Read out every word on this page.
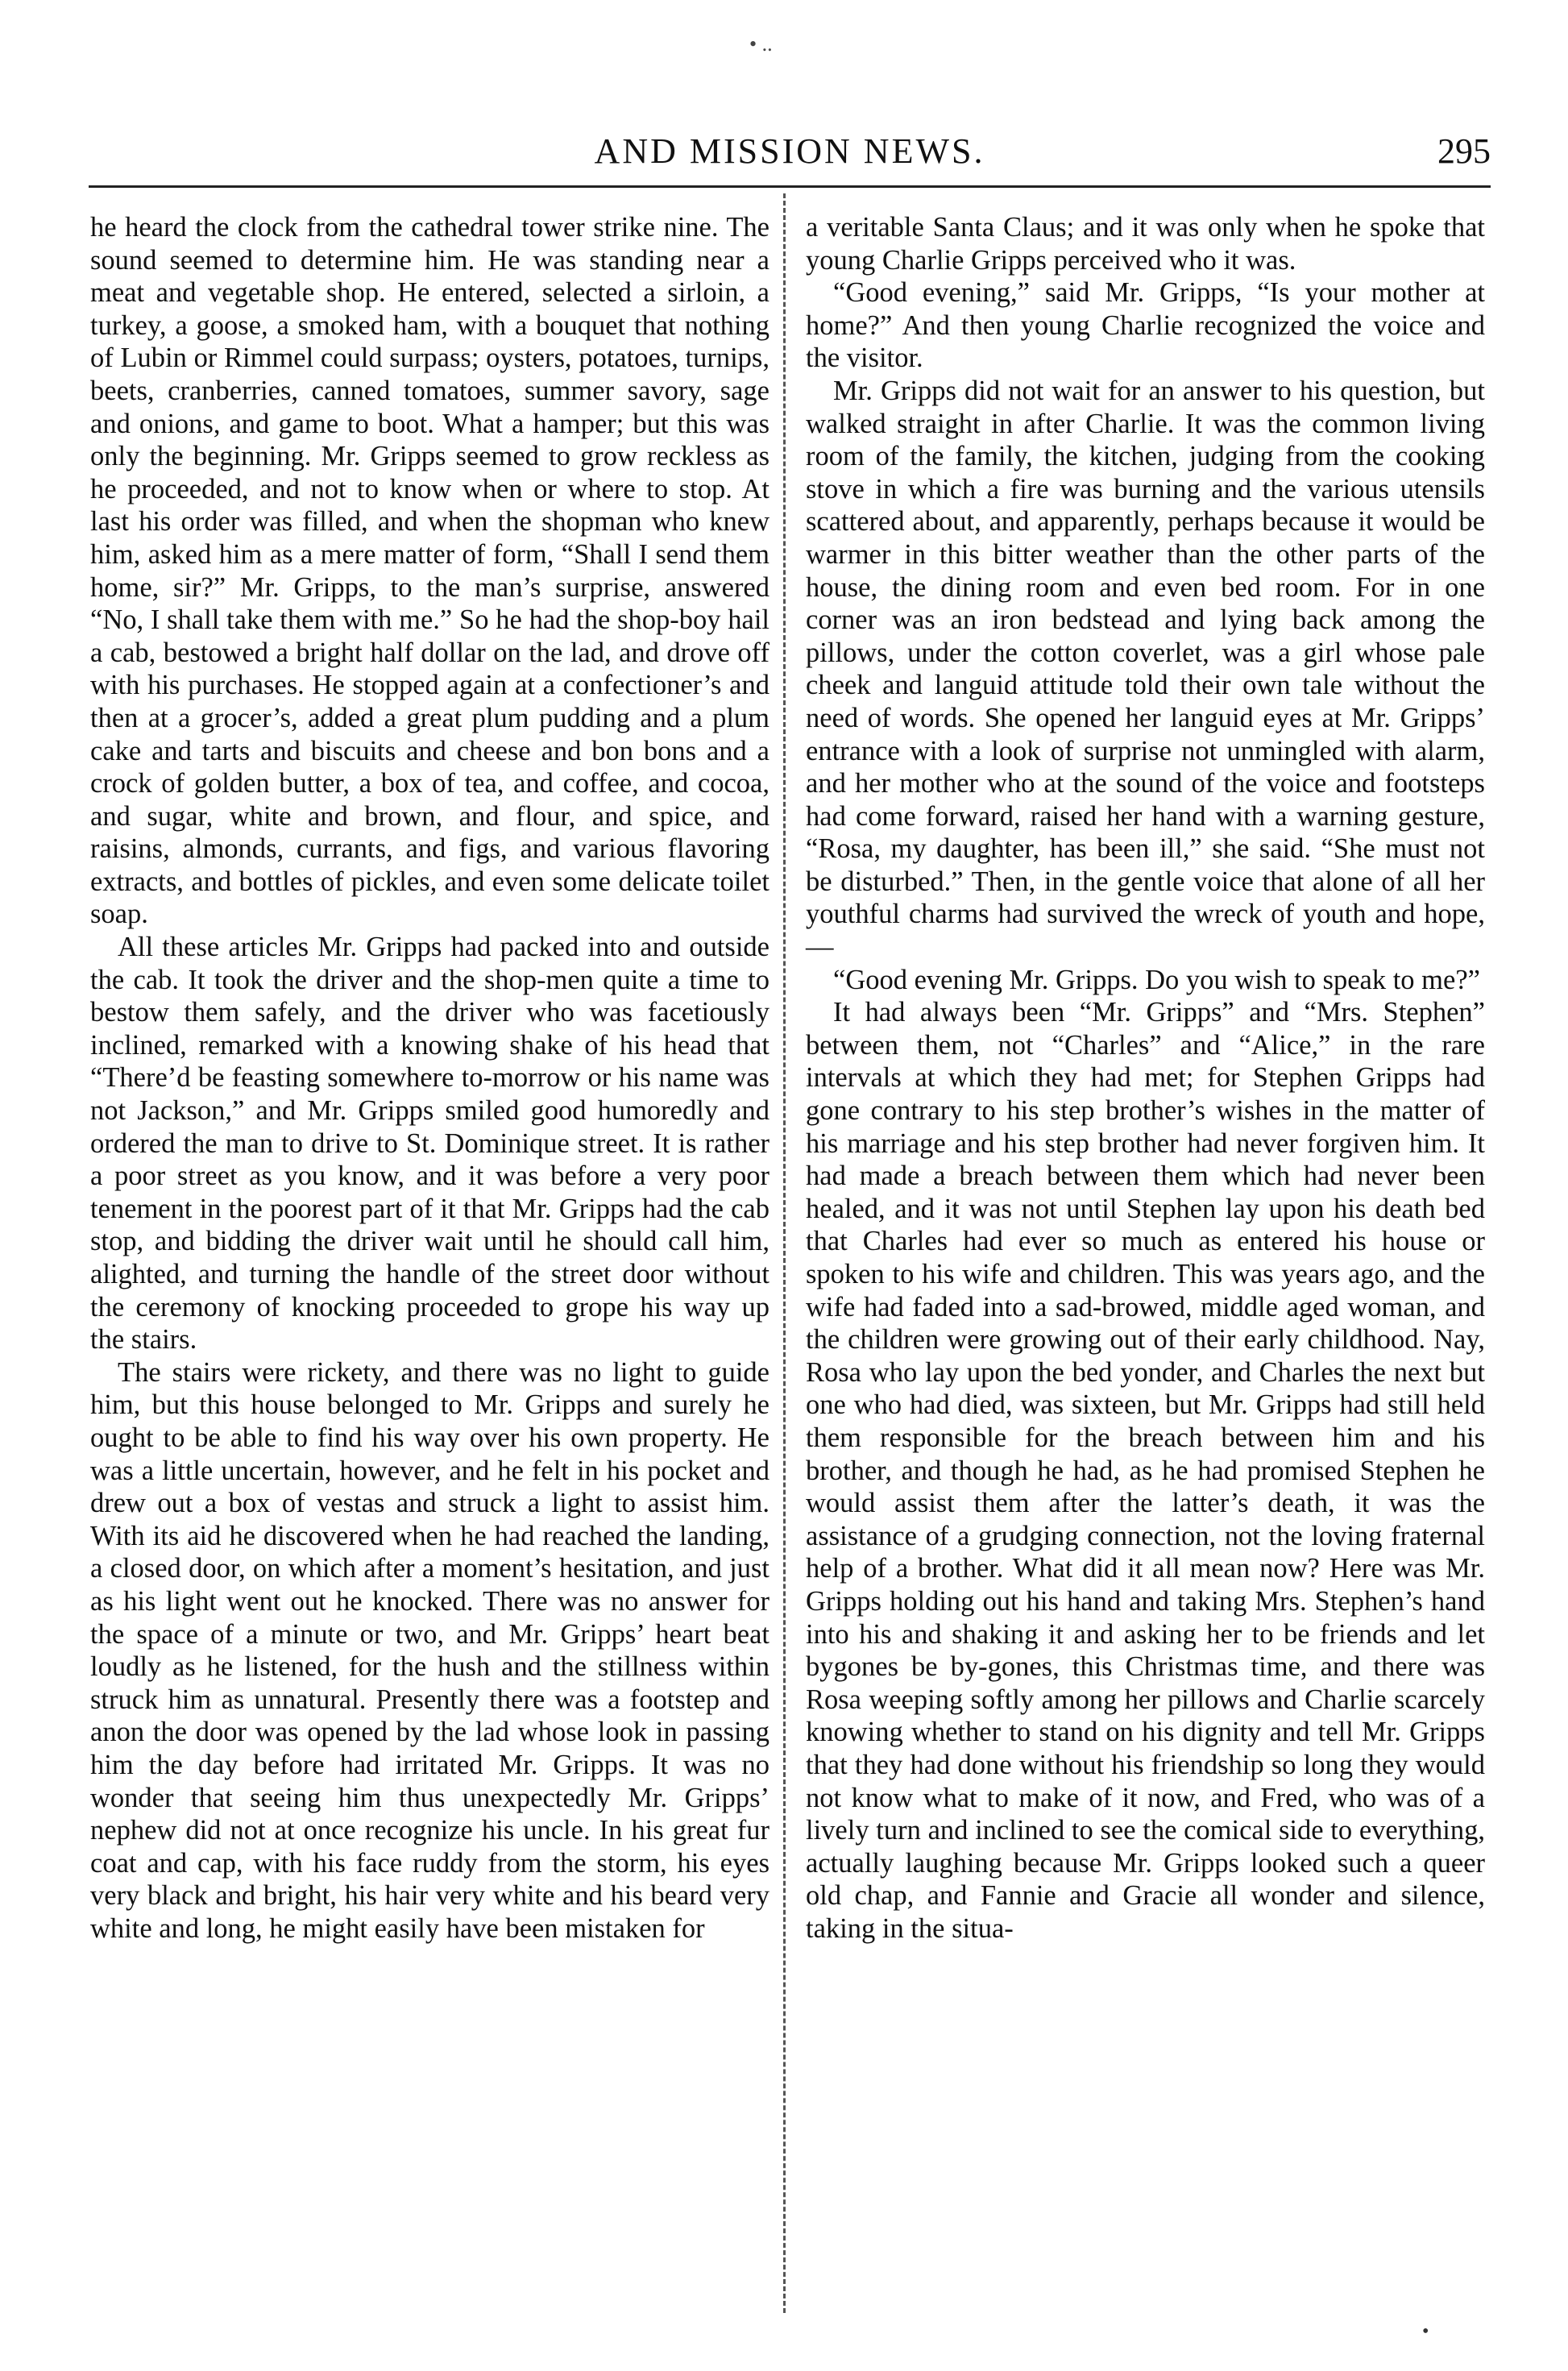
• ..
AND MISSION NEWS.	295

he heard the clock from the cathedral tower strike nine. The sound seemed to determine him. He was standing near a meat and vegetable shop. He entered, selected a sirloin, a turkey, a goose, a smoked ham, with a bouquet that nothing of Lubin or Rimmel could surpass; oysters, potatoes, turnips, beets, cranberries, canned tomatoes, summer savory, sage and onions, and game to boot. What a hamper; but this was only the beginning. Mr. Gripps seemed to grow reckless as he proceeded, and not to know when or where to stop. At last his order was filled, and when the shopman who knew him, asked him as a mere matter of form, “Shall I send them home, sir?” Mr. Gripps, to the man’s surprise, answered “No, I shall take them with me.” So he had the shop-boy hail a cab, bestowed a bright half dollar on the lad, and drove off with his purchases. He stopped again at a confectioner’s and then at a grocer’s, added a great plum pudding and a plum cake and tarts and biscuits and cheese and bon bons and a crock of golden butter, a box of tea, and coffee, and cocoa, and sugar, white and brown, and flour, and spice, and raisins, almonds, currants, and figs, and various flavoring extracts, and bottles of pickles, and even some delicate toilet soap.

All these articles Mr. Gripps had packed into and outside the cab. It took the driver and the shop-men quite a time to bestow them safely, and the driver who was facetiously inclined, remarked with a knowing shake of his head that “There’d be feasting somewhere to-morrow or his name was not Jackson,” and Mr. Gripps smiled good humoredly and ordered the man to drive to St. Dominique street. It is rather a poor street as you know, and it was before a very poor tenement in the poorest part of it that Mr. Gripps had the cab stop, and bidding the driver wait until he should call him, alighted, and turning the handle of the street door without the ceremony of knocking proceeded to grope his way up the stairs.

The stairs were rickety, and there was no light to guide him, but this house belonged to Mr. Gripps and surely he ought to be able to find his way over his own property. He was a little uncertain, however, and he felt in his pocket and drew out a box of vestas and struck a light to assist him. With its aid he discovered when he had reached the landing, a closed door, on which after a moment’s hesitation, and just as his light went out he knocked. There was no answer for the space of a minute or two, and Mr. Gripps’ heart beat loudly as he listened, for the hush and the stillness within struck him as unnatural. Presently there was a footstep and anon the door was opened by the lad whose look in passing him the day before had irritated Mr. Gripps. It was no wonder that seeing him thus unexpectedly Mr. Gripps’ nephew did not at once recognize his uncle. In his great fur coat and cap, with his face ruddy from the storm, his eyes very black and bright, his hair very white and his beard very white and long, he might easily have been mistaken for

a veritable Santa Claus; and it was only when he spoke that young Charlie Gripps perceived who it was.

“Good evening,” said Mr. Gripps, “Is your mother at home?” And then young Charlie recognized the voice and the visitor.

Mr. Gripps did not wait for an answer to his question, but walked straight in after Charlie. It was the common living room of the family, the kitchen, judging from the cooking stove in which a fire was burning and the various utensils scattered about, and apparently, perhaps because it would be warmer in this bitter weather than the other parts of the house, the dining room and even bed room. For in one corner was an iron bedstead and lying back among the pillows, under the cotton coverlet, was a girl whose pale cheek and languid attitude told their own tale without the need of words. She opened her languid eyes at Mr. Gripps’ entrance with a look of surprise not unmingled with alarm, and her mother who at the sound of the voice and footsteps had come forward, raised her hand with a warning gesture, “Rosa, my daughter, has been ill,” she said. “She must not be disturbed.” Then, in the gentle voice that alone of all her youthful charms had survived the wreck of youth and hope,—

“Good evening Mr. Gripps. Do you wish to speak to me?”

It had always been “Mr. Gripps” and “Mrs. Stephen” between them, not “Charles” and “Alice,” in the rare intervals at which they had met; for Stephen Gripps had gone contrary to his step brother’s wishes in the matter of his marriage and his step brother had never forgiven him. It had made a breach between them which had never been healed, and it was not until Stephen lay upon his death bed that Charles had ever so much as entered his house or spoken to his wife and children. This was years ago, and the wife had faded into a sad-browed, middle aged woman, and the children were growing out of their early childhood. Nay, Rosa who lay upon the bed yonder, and Charles the next but one who had died, was sixteen, but Mr. Gripps had still held them responsible for the breach between him and his brother, and though he had, as he had promised Stephen he would assist them after the latter’s death, it was the assistance of a grudging connection, not the loving fraternal help of a brother. What did it all mean now? Here was Mr. Gripps holding out his hand and taking Mrs. Stephen’s hand into his and shaking it and asking her to be friends and let bygones be by-gones, this Christmas time, and there was Rosa weeping softly among her pillows and Charlie scarcely knowing whether to stand on his dignity and tell Mr. Gripps that they had done without his friendship so long they would not know what to make of it now, and Fred, who was of a lively turn and inclined to see the comical side to everything, actually laughing because Mr. Gripps looked such a queer old chap, and Fannie and Gracie all wonder and silence, taking in the situa-

•
